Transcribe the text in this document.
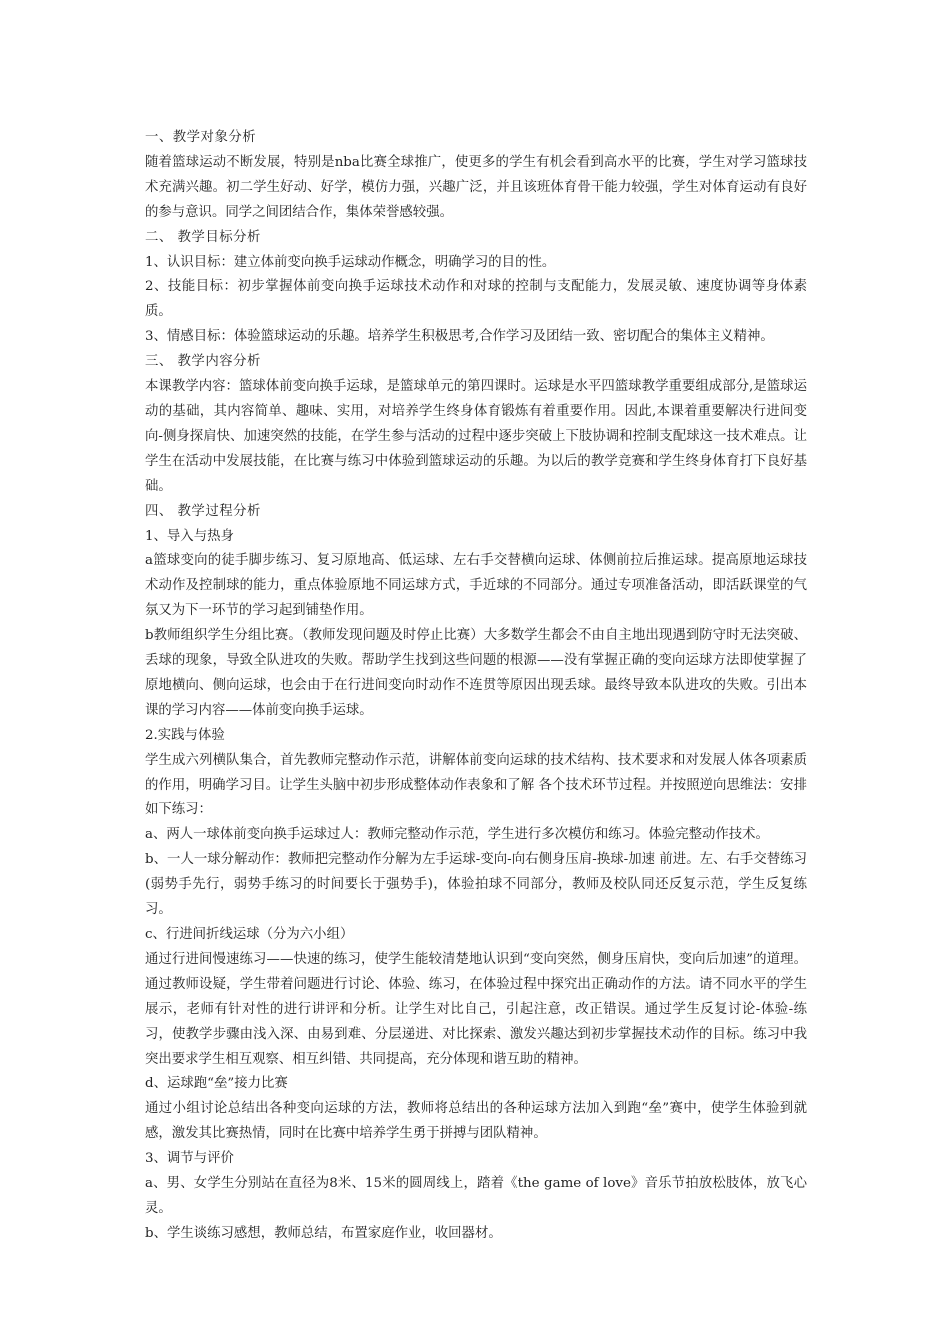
一、教学对象分析

随着篮球运动不断发展，特别是nba比赛全球推广，使更多的学生有机会看到高水平的比赛，学生对学习篮球技术充满兴趣。初二学生好动、好学，模仿力强，兴趣广泛，并且该班体育骨干能力较强，学生对体育运动有良好的参与意识。同学之间团结合作，集体荣誉感较强。

二、 教学目标分析

1、认识目标：建立体前变向换手运球动作概念，明确学习的目的性。

2、技能目标：初步掌握体前变向换手运球技术动作和对球的控制与支配能力，发展灵敏、速度协调等身体素质。

3、情感目标：体验篮球运动的乐趣。培养学生积极思考,合作学习及团结一致、密切配合的集体主义精神。

三、 教学内容分析

本课教学内容：篮球体前变向换手运球，是篮球单元的第四课时。运球是水平四篮球教学重要组成部分,是篮球运动的基础，其内容简单、趣味、实用，对培养学生终身体育锻炼有着重要作用。因此,本课着重要解决行进间变向-侧身探肩快、加速突然的技能，在学生参与活动的过程中逐步突破上下肢协调和控制支配球这一技术难点。让学生在活动中发展技能，在比赛与练习中体验到篮球运动的乐趣。为以后的教学竞赛和学生终身体育打下良好基础。

四、 教学过程分析

1、导入与热身

a篮球变向的徒手脚步练习、复习原地高、低运球、左右手交替横向运球、体侧前拉后推运球。提高原地运球技术动作及控制球的能力，重点体验原地不同运球方式，手近球的不同部分。通过专项准备活动，即活跃课堂的气氛又为下一环节的学习起到铺垫作用。

b教师组织学生分组比赛。（教师发现问题及时停止比赛）大多数学生都会不由自主地出现遇到防守时无法突破、丢球的现象，导致全队进攻的失败。帮助学生找到这些问题的根源——没有掌握正确的变向运球方法即使掌握了原地横向、侧向运球，也会由于在行进间变向时动作不连贯等原因出现丢球。最终导致本队进攻的失败。引出本课的学习内容——体前变向换手运球。

2.实践与体验

学生成六列横队集合，首先教师完整动作示范，讲解体前变向运球的技术结构、技术要求和对发展人体各项素质的作用，明确学习目。让学生头脑中初步形成整体动作表象和了解 各个技术环节过程。并按照逆向思维法：安排如下练习：

a、两人一球体前变向换手运球过人：教师完整动作示范，学生进行多次模仿和练习。体验完整动作技术。

b、一人一球分解动作：教师把完整动作分解为左手运球-变向-向右侧身压肩-换球-加速 前进。左、右手交替练习(弱势手先行，弱势手练习的时间要长于强势手)，体验拍球不同部分，教师及校队同还反复示范，学生反复练习。

c、行进间折线运球（分为六小组）

通过行进间慢速练习——快速的练习，使学生能较清楚地认识到“变向突然，侧身压肩快，变向后加速”的道理。通过教师设疑，学生带着问题进行讨论、体验、练习，在体验过程中探究出正确动作的方法。请不同水平的学生展示，老师有针对性的进行讲评和分析。让学生对比自己，引起注意，改正错误。通过学生反复讨论-体验-练习，使教学步骤由浅入深、由易到难、分层递进、对比探索、激发兴趣达到初步掌握技术动作的目标。练习中我突出要求学生相互观察、相互纠错、共同提高，充分体现和谐互助的精神。

d、运球跑“垒”接力比赛

通过小组讨论总结出各种变向运球的方法，教师将总结出的各种运球方法加入到跑“垒”赛中，使学生体验到就感，激发其比赛热情，同时在比赛中培养学生勇于拼搏与团队精神。

3、调节与评价

a、男、女学生分别站在直径为8米、15米的圆周线上，踏着《the game of love》音乐节拍放松肢体，放飞心灵。

b、学生谈练习感想，教师总结，布置家庭作业，收回器材。
